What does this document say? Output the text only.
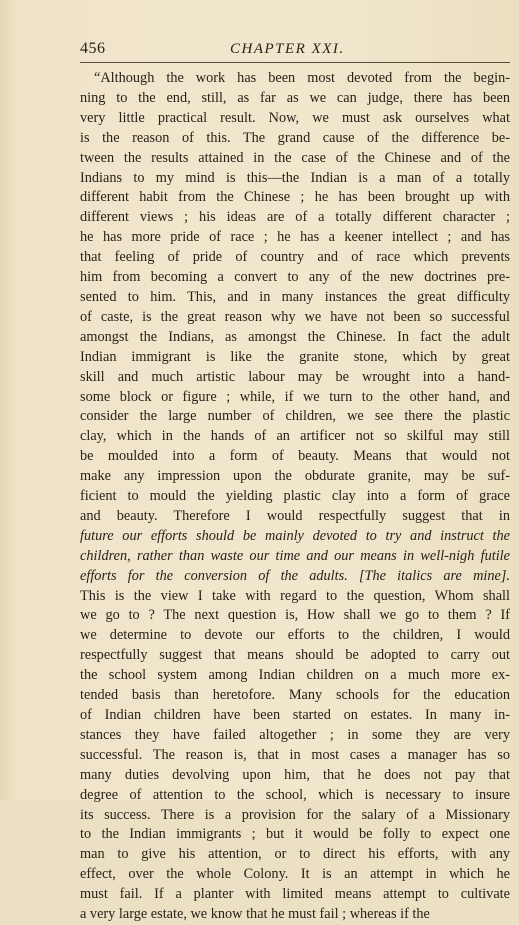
456	CHAPTER XXI.
“Although the work has been most devoted from the begin-
ning to the end, still, as far as we can judge, there has been
very little practical result. Now, we must ask ourselves what
is the reason of this. The grand cause of the difference be-
tween the results attained in the case of the Chinese and of the
Indians to my mind is this—the Indian is a man of a totally
different habit from the Chinese ; he has been brought up with
different views ; his ideas are of a totally different character ;
he has more pride of race ; he has a keener intellect ; and has
that feeling of pride of country and of race which prevents
him from becoming a convert to any of the new doctrines pre-
sented to him. This, and in many instances the great difficulty
of caste, is the great reason why we have not been so successful
amongst the Indians, as amongst the Chinese. In fact the adult
Indian immigrant is like the granite stone, which by great
skill and much artistic labour may be wrought into a hand-
some block or figure ; while, if we turn to the other hand, and
consider the large number of children, we see there the plastic
clay, which in the hands of an artificer not so skilful may still
be moulded into a form of beauty. Means that would not
make any impression upon the obdurate granite, may be suf-
ficient to mould the yielding plastic clay into a form of grace
and beauty. Therefore I would respectfully suggest that in
future our efforts should be mainly devoted to try and instruct the
children, rather than waste our time and our means in well-nigh futile
efforts for the conversion of the adults. [The italics are mine].
This is the view I take with regard to the question, Whom shall
we go to ? The next question is, How shall we go to them ? If
we determine to devote our efforts to the children, I would
respectfully suggest that means should be adopted to carry out
the school system among Indian children on a much more ex-
tended basis than heretofore. Many schools for the education
of Indian children have been started on estates. In many in-
stances they have failed altogether ; in some they are very
successful. The reason is, that in most cases a manager has so
many duties devolving upon him, that he does not pay that
degree of attention to the school, which is necessary to insure
its success. There is a provision for the salary of a Missionary
to the Indian immigrants ; but it would be folly to expect one
man to give his attention, or to direct his efforts, with any
effect, over the whole Colony. It is an attempt in which he
must fail. If a planter with limited means attempt to cultivate
a very large estate, we know that he must fail ; whereas if the
